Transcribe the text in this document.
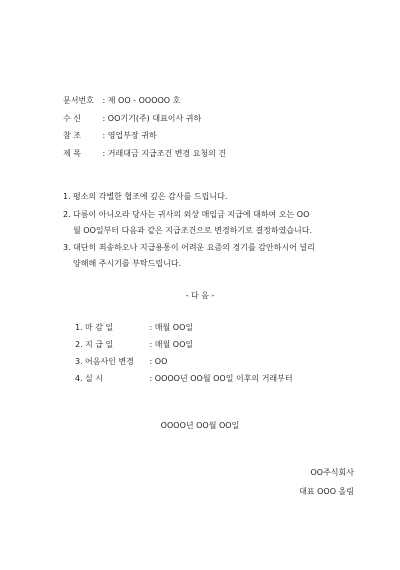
문서번호 : 제 OO - OOOOO 호
수 신 : OO기기(주) 대표이사 귀하
참 조 : 영업부장 귀하
제 목 : 거래대금 지급조건 변경 요청의 건
1. 평소의 각별한 협조에 깊은 감사를 드립니다.
2. 다름이 아니오라 당사는 귀사의 외상 매입금 지급에 대하여 오는 OO
월 OO일부터 다음과 같은 지급조건으로 변경하기로 결정하였습니다.
3. 대단히 죄송하오나 지급용통이 어려운 요즘의 경기를 감안하시어 널리
양해해 주시기를 부탁드립니다.
- 다 음 -
1. 마 감 일	: 매월 OO일
2. 지 급 일	: 매월 OO일
3. 어음사인 변경 : OO
4. 실 시	: OOOO년 OO월 OO일 이후의 거래부터
OOOO년 OO월 OO일
OO주식회사
대표 OOO 올림
